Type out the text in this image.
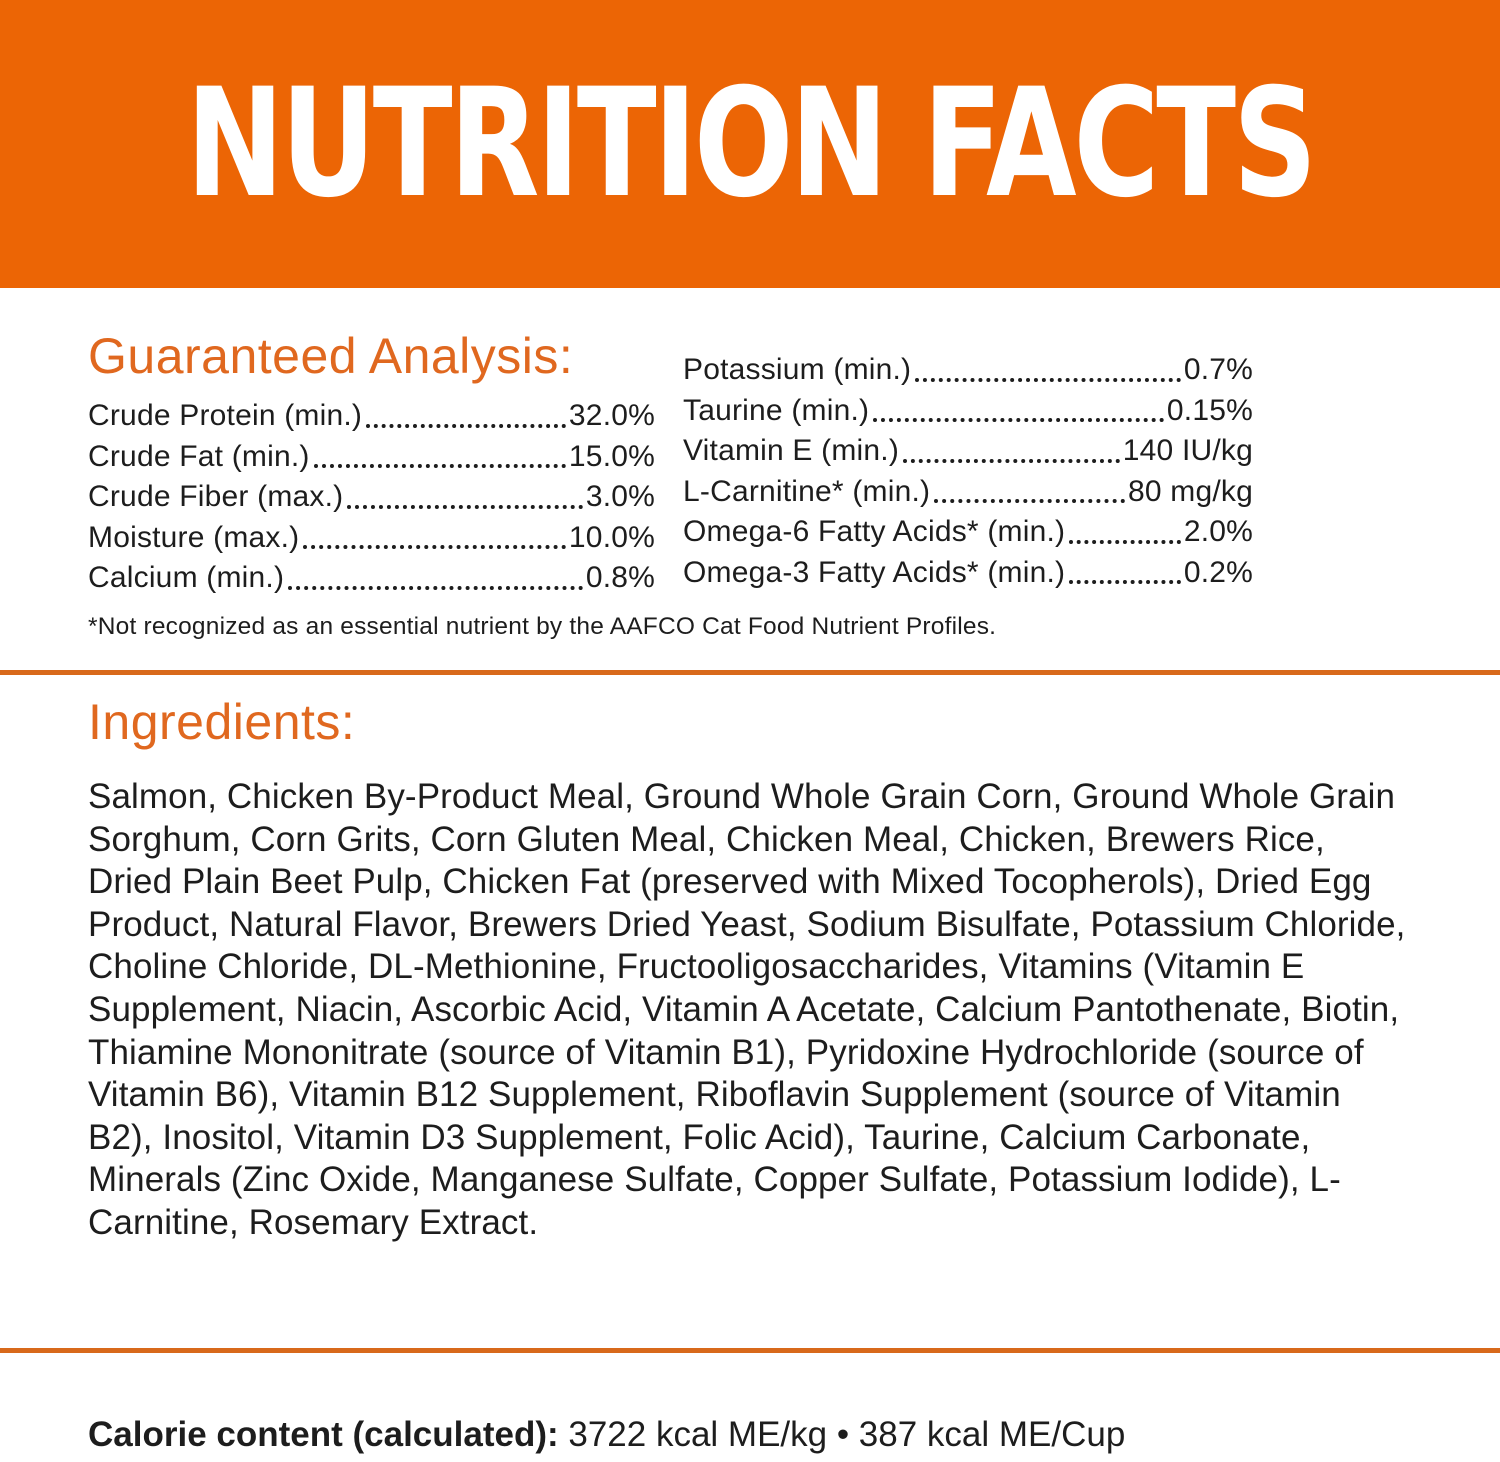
NUTRITION FACTS
Guaranteed Analysis:
Crude Protein (min.)	32.0%
Crude Fat (min.)	15.0%
Crude Fiber (max.)	3.0%
Moisture (max.)	10.0%
Calcium (min.)	0.8%
Potassium (min.)	0.7%
Taurine (min.)	0.15%
Vitamin E (min.)	140 IU/kg
L-Carnitine* (min.)	80 mg/kg
Omega-6 Fatty Acids* (min.)	2.0%
Omega-3 Fatty Acids* (min.)	0.2%
*Not recognized as an essential nutrient by the AAFCO Cat Food Nutrient Profiles.
Ingredients:
Salmon, Chicken By-Product Meal, Ground Whole Grain Corn, Ground Whole Grain Sorghum, Corn Grits, Corn Gluten Meal, Chicken Meal, Chicken, Brewers Rice, Dried Plain Beet Pulp, Chicken Fat (preserved with Mixed Tocopherols), Dried Egg Product, Natural Flavor, Brewers Dried Yeast, Sodium Bisulfate, Potassium Chloride, Choline Chloride, DL-Methionine, Fructooligosaccharides, Vitamins (Vitamin E Supplement, Niacin, Ascorbic Acid, Vitamin A Acetate, Calcium Pantothenate, Biotin, Thiamine Mononitrate (source of Vitamin B1), Pyridoxine Hydrochloride (source of Vitamin B6), Vitamin B12 Supplement, Riboflavin Supplement (source of Vitamin B2), Inositol, Vitamin D3 Supplement, Folic Acid), Taurine, Calcium Carbonate, Minerals (Zinc Oxide, Manganese Sulfate, Copper Sulfate, Potassium Iodide), L-Carnitine, Rosemary Extract.
Calorie content (calculated): 3722 kcal ME/kg • 387 kcal ME/Cup
